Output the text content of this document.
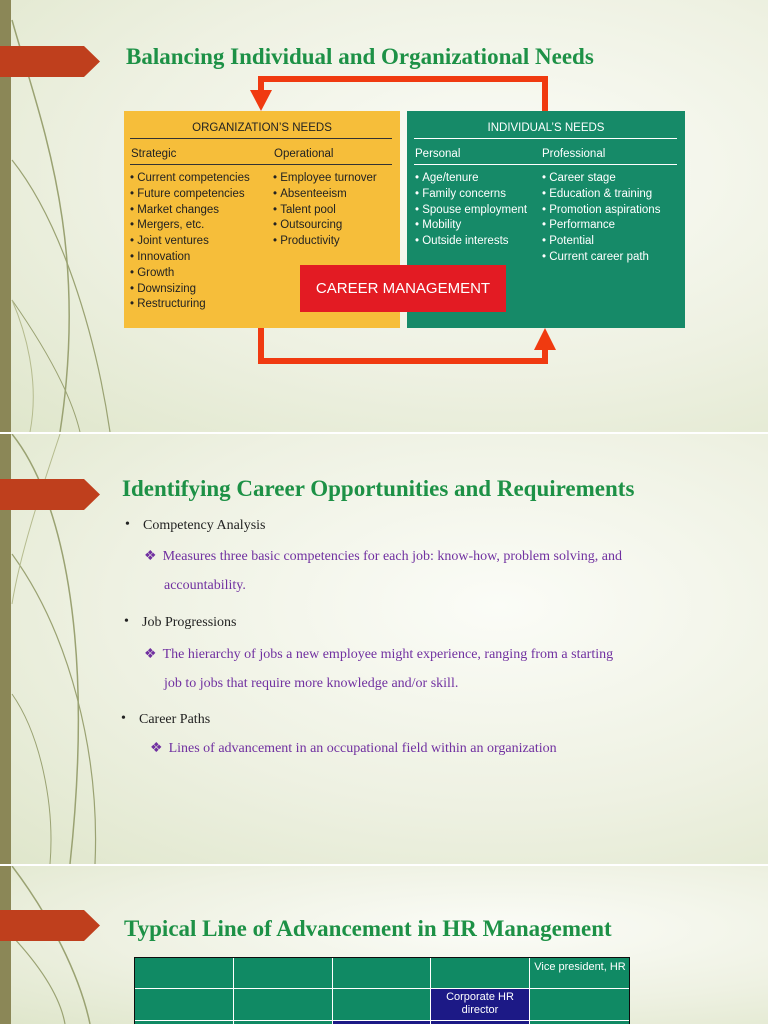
Balancing Individual and Organizational Needs
ORGANIZATION’S NEEDS
Strategic	Operational
• Current competencies
• Future competencies
• Market changes
• Mergers, etc.
• Joint ventures
• Innovation
• Growth
• Downsizing
• Restructuring
• Employee turnover
• Absenteeism
• Talent pool
• Outsourcing
• Productivity
INDIVIDUAL’S NEEDS
Personal	Professional
• Age/tenure
• Family concerns
• Spouse employment
• Mobility
• Outside interests
• Career stage
• Education & training
• Promotion aspirations
• Performance
• Potential
• Current career path
CAREER MANAGEMENT
Identifying Career Opportunities and Requirements
• Competency Analysis
❖ Measures three basic competencies for each job: know-how, problem solving, and
accountability.
• Job Progressions
❖ The hierarchy of jobs a new employee might experience, ranging from a starting
job to jobs that require more knowledge and/or skill.
• Career Paths
❖ Lines of advancement in an occupational field within an organization
Typical Line of Advancement in HR Management
Vice president, HR
Corporate HR director
